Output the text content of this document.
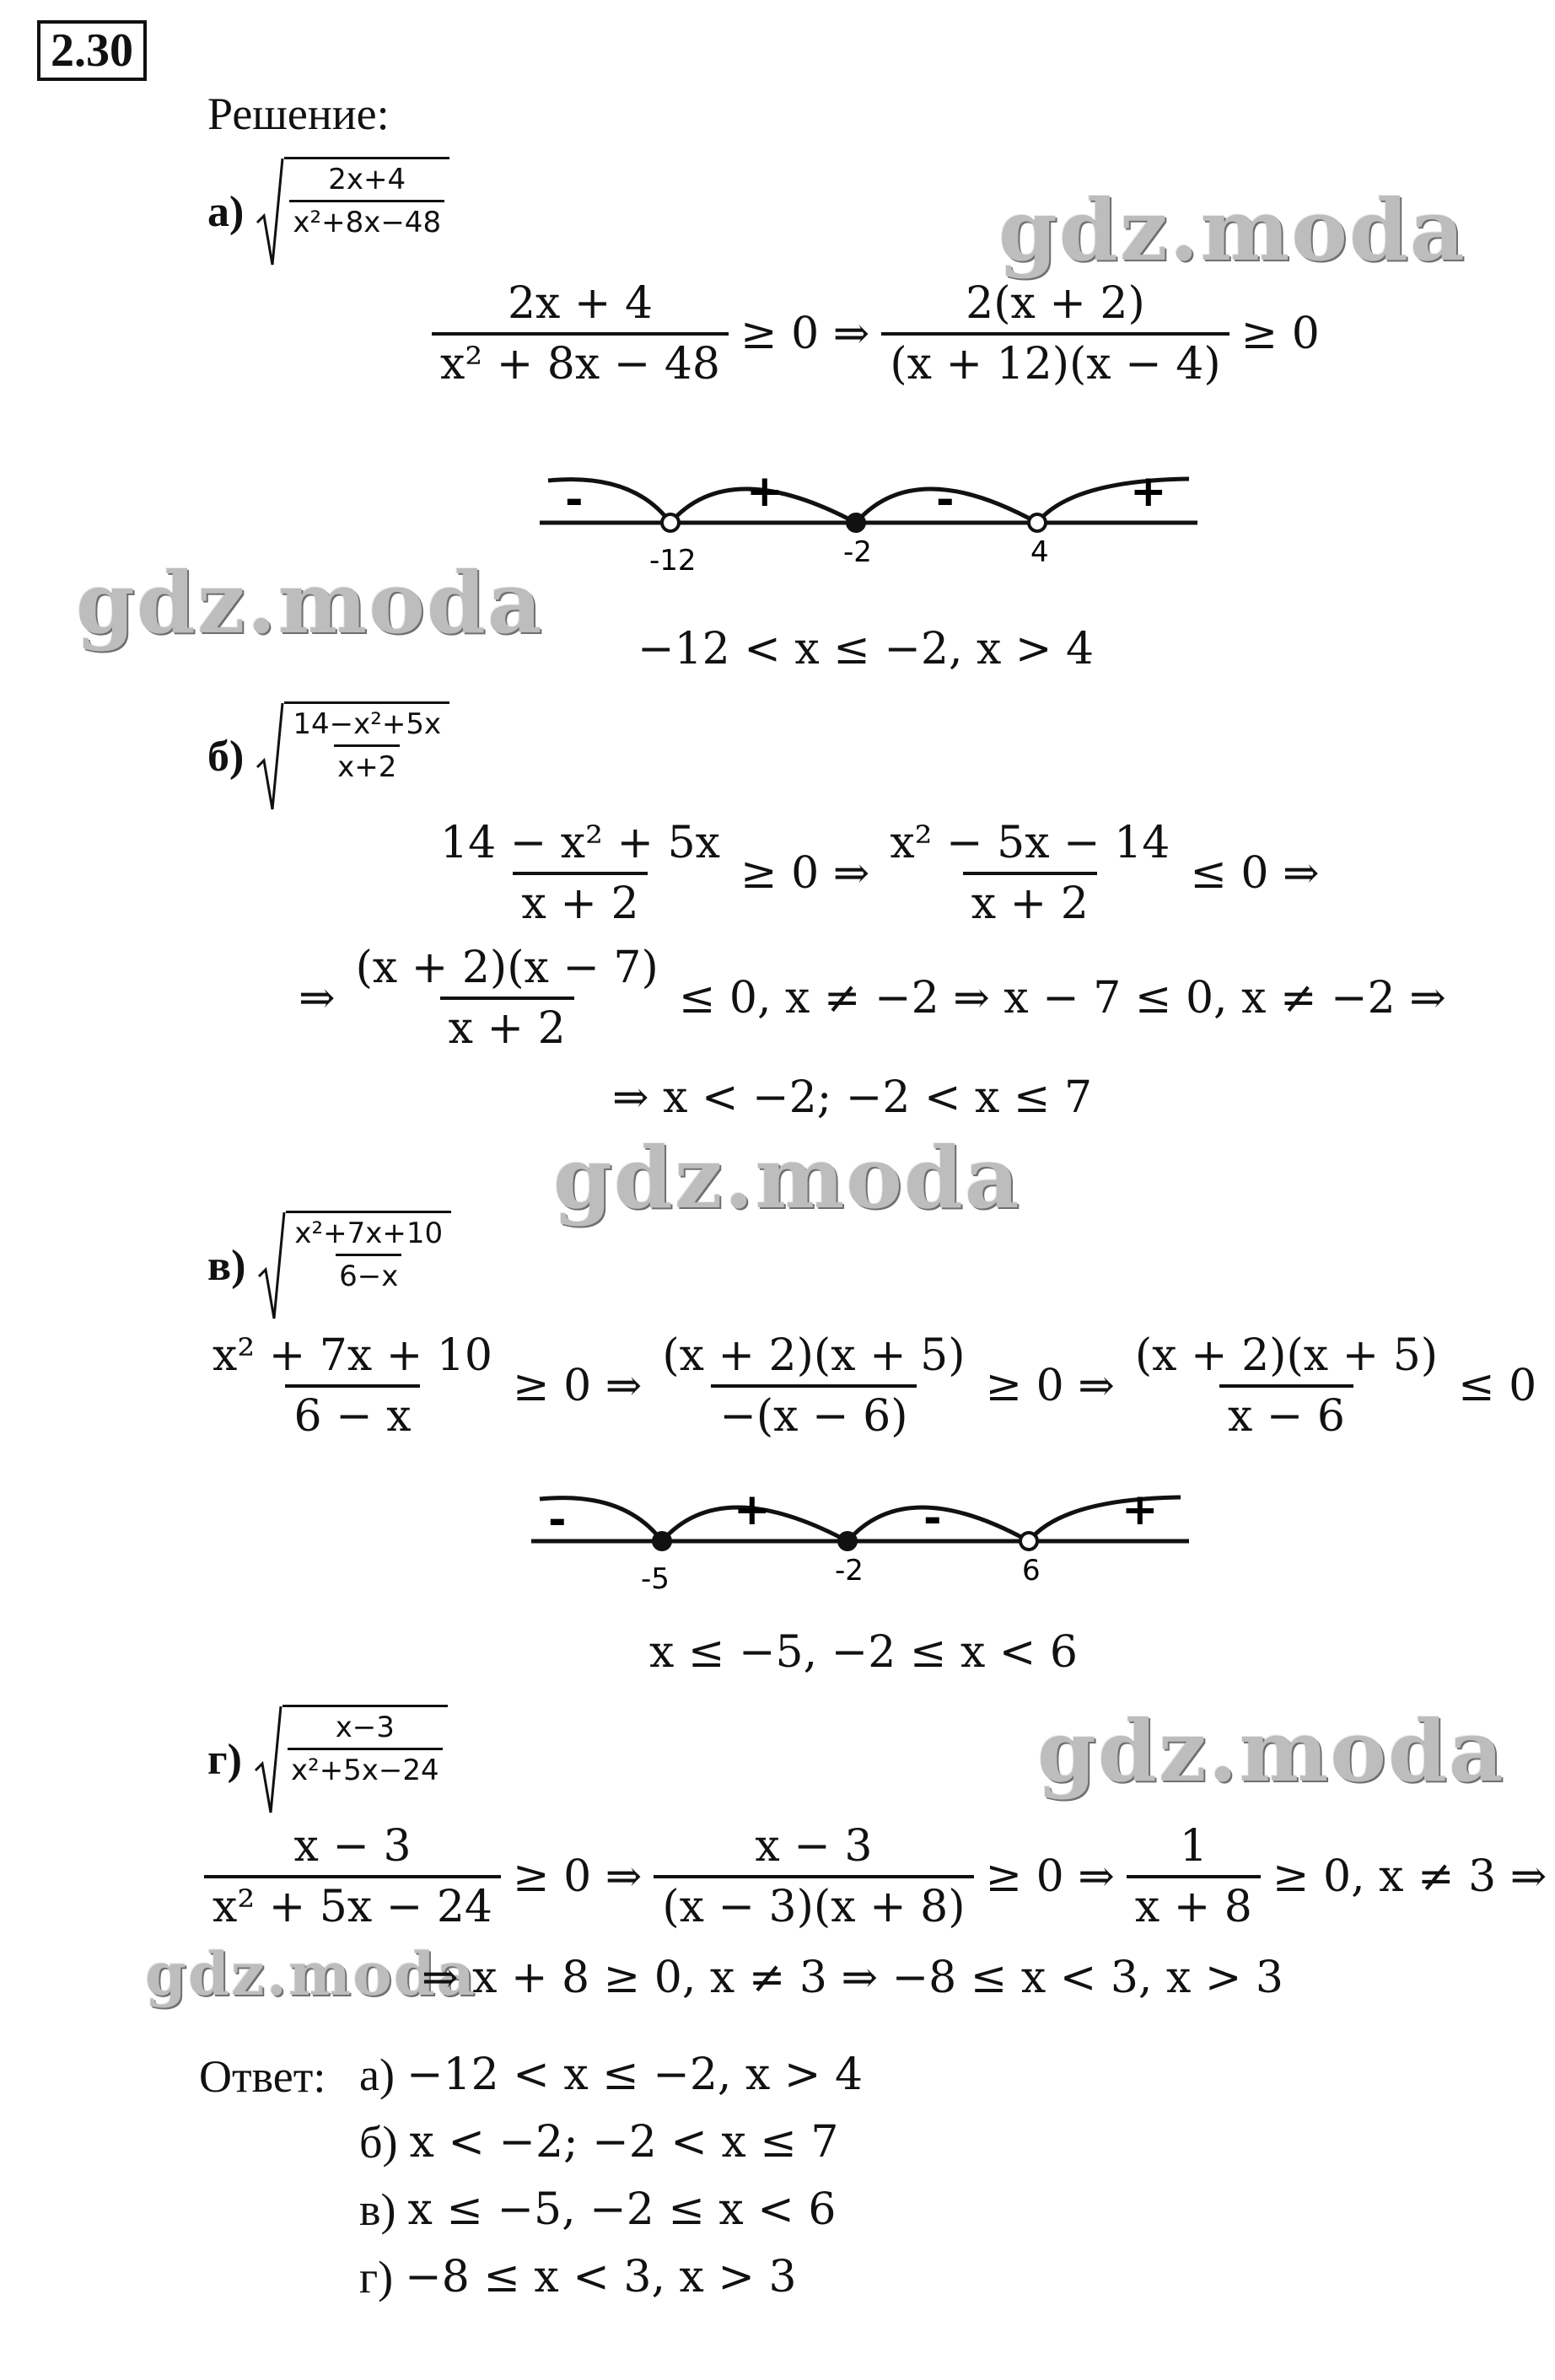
2.30
Решение:
$а) \frac{2x+4}{\text{x²+8x−48}}$	gdz.moda
$\frac{2x + 4}{\text{x² + 8x − 48}} \ge 0$ ⇒ $\frac{2(x + 2)}{(x + 12)(x - 4)} \ge 0$
-	+	-	+
-12	-2	4
gdz.moda −12 < x ≤ −2, x > 4
$б) \frac{\text{14−x²+5x}}{x+2}$
$\frac{\text{14 − x² + 5x}}{x + 2} \ge 0$ ⇒ $\frac{\text{x² − 5x − 14}}{x + 2} \le 0$ ⇒
⇒ $\frac{(x + 2)(x - 7)}{x + 2} \le 0$, x ≠ −2 ⇒ x − 7 ≤ 0, x ≠ −2 ⇒
⇒ x < −2; −2 < x ≤ 7
gdz.moda
$в) \frac{\text{x²+7x+10}}{6-x}$
$\frac{\text{x² + 7x + 10}}{6 - x} \ge 0$ ⇒ $\frac{(x + 2)(x + 5)}{-(x - 6)} \ge 0$ ⇒ $\frac{(x + 2)(x + 5)}{x - 6} \le 0$
-	+	-	+
-5	-2	6
x ≤ −5, −2 ≤ x < 6
$г) \frac{x-3}{\text{x²+5x−24}}$	gdz.moda
$\frac{x - 3}{\text{x² + 5x − 24}} \ge 0$ ⇒ $\frac{x - 3}{(x - 3)(x + 8)} \ge 0$ ⇒ $\frac{1}{x + 8} \ge 0$, x ≠ 3 ⇒
gdz.moda
⇒ x + 8 ≥ 0, x ≠ 3 ⇒ −8 ≤ x < 3, x > 3
Ответ: а) −12 < x ≤ −2, x > 4
б) x < −2; −2 < x ≤ 7
в) x ≤ −5, −2 ≤ x < 6
г) −8 ≤ x < 3, x > 3
